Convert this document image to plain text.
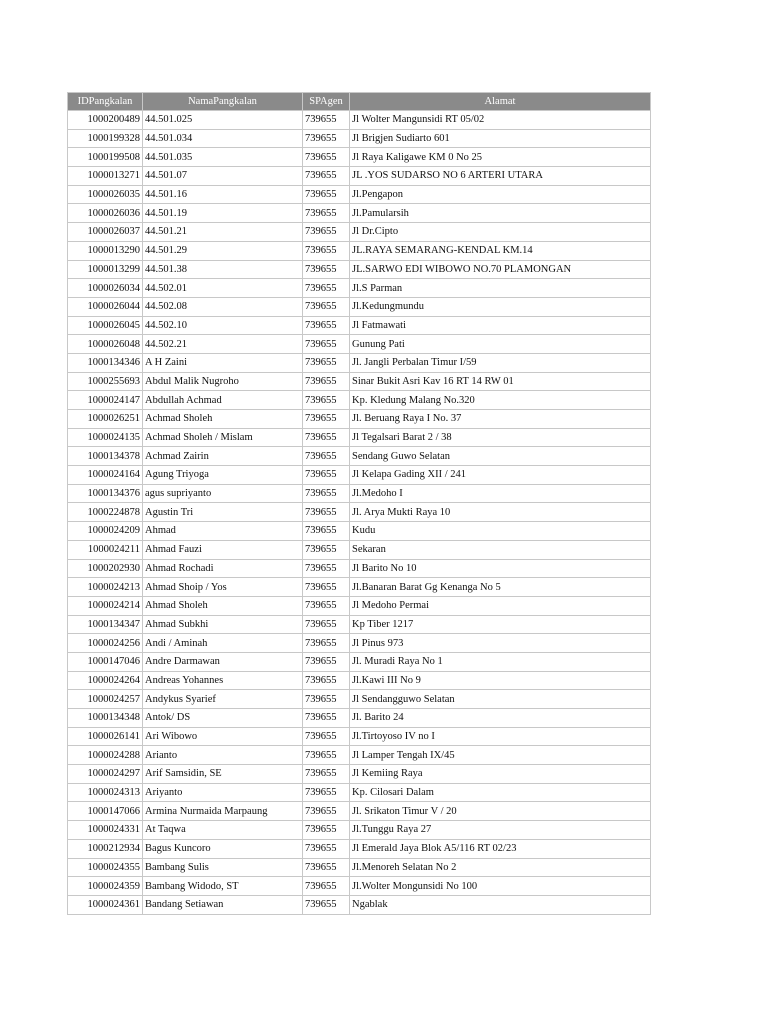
IDPangkalan	NamaPangkalan	SPAgen	Alamat
1000200489	44.501.025	739655	Jl Wolter Mangunsidi RT 05/02
1000199328	44.501.034	739655	Jl Brigjen Sudiarto 601
1000199508	44.501.035	739655	Jl Raya Kaligawe KM 0 No 25
1000013271	44.501.07	739655	JL .YOS SUDARSO NO 6 ARTERI UTARA
1000026035	44.501.16	739655	Jl.Pengapon
1000026036	44.501.19	739655	Jl.Pamularsih
1000026037	44.501.21	739655	Jl Dr.Cipto
1000013290	44.501.29	739655	JL.RAYA SEMARANG-KENDAL KM.14
1000013299	44.501.38	739655	JL.SARWO EDI WIBOWO NO.70 PLAMONGAN
1000026034	44.502.01	739655	Jl.S Parman
1000026044	44.502.08	739655	Jl.Kedungmundu
1000026045	44.502.10	739655	Jl Fatmawati
1000026048	44.502.21	739655	Gunung Pati
1000134346	A H Zaini	739655	Jl. Jangli Perbalan Timur I/59
1000255693	Abdul Malik Nugroho	739655	Sinar Bukit Asri Kav 16 RT 14 RW 01
1000024147	Abdullah Achmad	739655	Kp. Kledung Malang No.320
1000026251	Achmad Sholeh	739655	Jl. Beruang Raya I No. 37
1000024135	Achmad Sholeh / Mislam	739655	Jl Tegalsari Barat 2 / 38
1000134378	Achmad Zairin	739655	Sendang Guwo Selatan
1000024164	Agung Triyoga	739655	Jl Kelapa Gading XII / 241
1000134376	agus supriyanto	739655	Jl.Medoho I
1000224878	Agustin Tri	739655	Jl. Arya Mukti Raya 10
1000024209	Ahmad	739655	Kudu
1000024211	Ahmad Fauzi	739655	Sekaran
1000202930	Ahmad Rochadi	739655	Jl Barito No 10
1000024213	Ahmad Shoip / Yos	739655	Jl.Banaran Barat Gg Kenanga No 5
1000024214	Ahmad Sholeh	739655	Jl Medoho Permai
1000134347	Ahmad Subkhi	739655	Kp Tiber 1217
1000024256	Andi / Aminah	739655	Jl Pinus 973
1000147046	Andre Darmawan	739655	Jl. Muradi Raya No 1
1000024264	Andreas Yohannes	739655	Jl.Kawi III No 9
1000024257	Andykus Syarief	739655	Jl Sendangguwo Selatan
1000134348	Antok/ DS	739655	Jl. Barito 24
1000026141	Ari Wibowo	739655	Jl.Tirtoyoso IV no I
1000024288	Arianto	739655	Jl Lamper Tengah IX/45
1000024297	Arif Samsidin, SE	739655	Jl Kemiing Raya
1000024313	Ariyanto	739655	Kp. Cilosari Dalam
1000147066	Armina Nurmaida Marpaung	739655	Jl. Srikaton Timur V / 20
1000024331	At Taqwa	739655	Jl.Tunggu Raya 27
1000212934	Bagus Kuncoro	739655	Jl Emerald Jaya Blok A5/116 RT 02/23
1000024355	Bambang Sulis	739655	Jl.Menoreh Selatan No 2
1000024359	Bambang Widodo, ST	739655	Jl.Wolter Mongunsidi No 100
1000024361	Bandang Setiawan	739655	Ngablak
